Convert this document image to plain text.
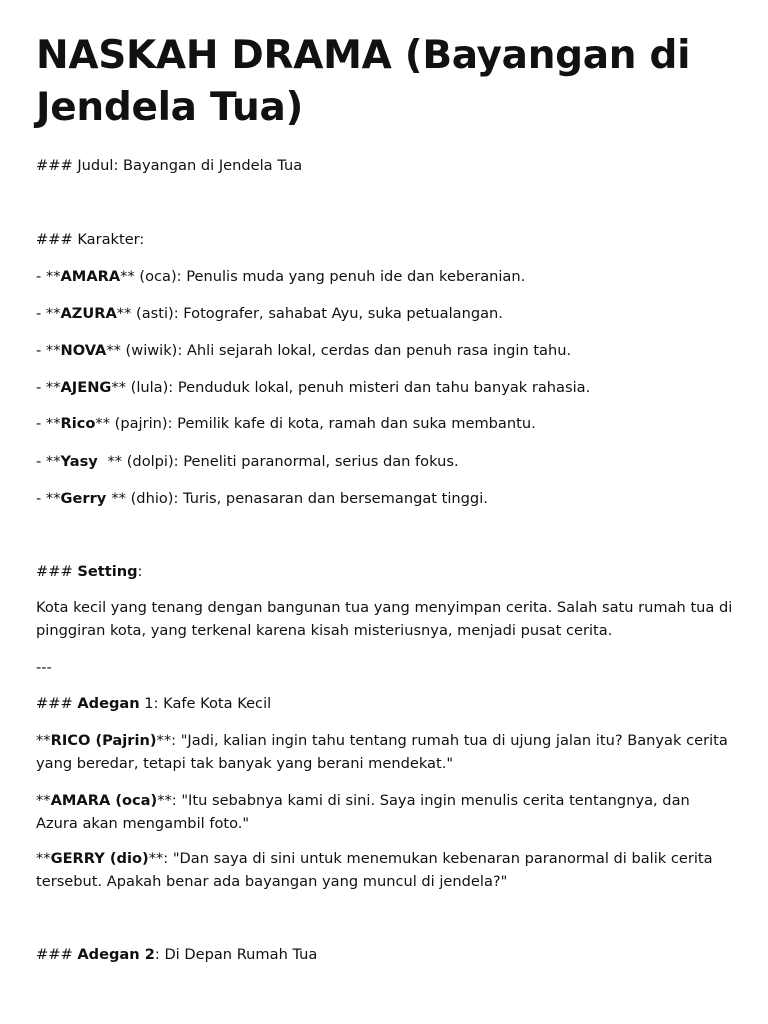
NASKAH DRAMA (Bayangan di Jendela Tua)
### Judul: Bayangan di Jendela Tua
### Karakter:
- **AMARA** (oca): Penulis muda yang penuh ide dan keberanian.
- **AZURA** (asti): Fotografer, sahabat Ayu, suka petualangan.
- **NOVA** (wiwik): Ahli sejarah lokal, cerdas dan penuh rasa ingin tahu.
- **AJENG** (lula): Penduduk lokal, penuh misteri dan tahu banyak rahasia.
- **Rico** (pajrin): Pemilik kafe di kota, ramah dan suka membantu.
- **Yasy  ** (dolpi): Peneliti paranormal, serius dan fokus.
- **Gerry ** (dhio): Turis, penasaran dan bersemangat tinggi.
### Setting:
Kota kecil yang tenang dengan bangunan tua yang menyimpan cerita. Salah satu rumah tua di pinggiran kota, yang terkenal karena kisah misteriusnya, menjadi pusat cerita.
---
### Adegan 1: Kafe Kota Kecil
**RICO (Pajrin)**: "Jadi, kalian ingin tahu tentang rumah tua di ujung jalan itu? Banyak cerita yang beredar, tetapi tak banyak yang berani mendekat."
**AMARA (oca)**: "Itu sebabnya kami di sini. Saya ingin menulis cerita tentangnya, dan Azura akan mengambil foto."
**GERRY (dio)**: "Dan saya di sini untuk menemukan kebenaran paranormal di balik cerita tersebut. Apakah benar ada bayangan yang muncul di jendela?"
### Adegan 2: Di Depan Rumah Tua
